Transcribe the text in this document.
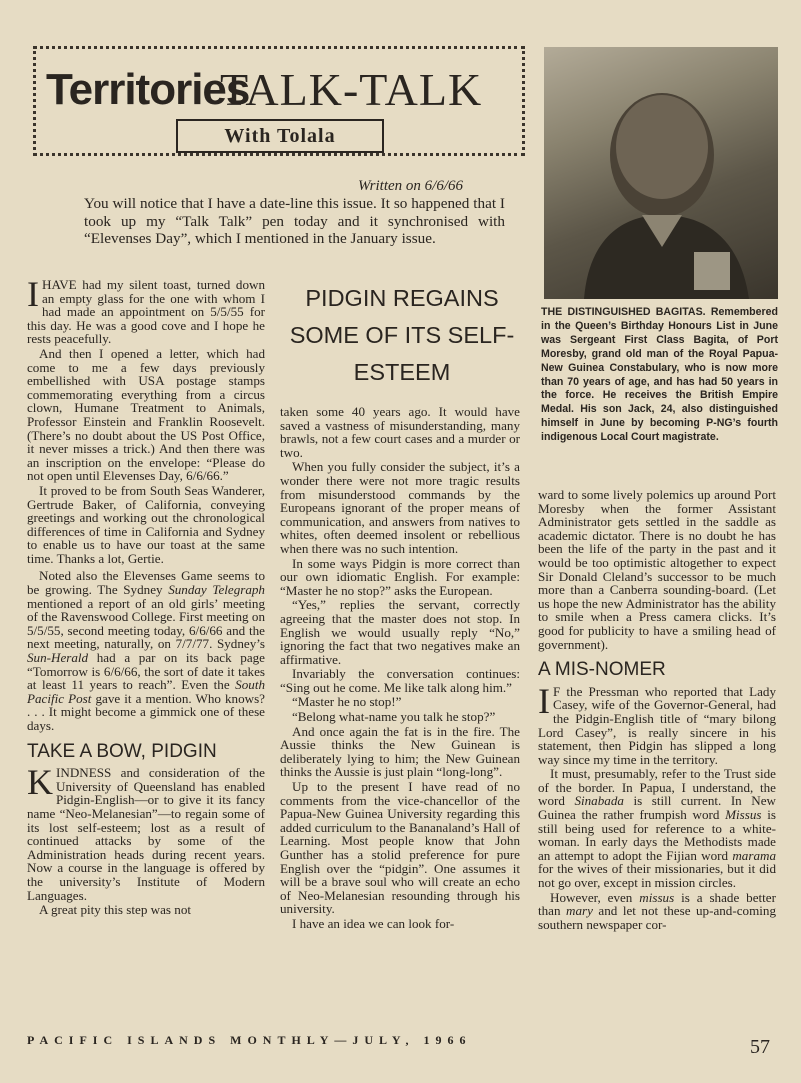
Territories
TALK-TALK
With Tolala
Written on 6/6/66
You will notice that I have a date-line this issue. It so happened that I took up my “Talk Talk” pen today and it synchronised with “Elevenses Day”, which I mentioned in the January issue.
THE DISTINGUISHED BAGITAS. Remembered in the Queen’s Birthday Honours List in June was Sergeant First Class Bagita, of Port Moresby, grand old man of the Royal Papua-New Guinea Constabulary, who is now more than 70 years of age, and has had 50 years in the force. He receives the British Empire Medal. His son Jack, 24, also distinguished himself in June by becoming P-NG’s fourth indigenous Local Court magistrate.

IHAVE had my silent toast, turned down an empty glass for the one with whom I had made an appointment on 5/5/55 for this day. He was a good cove and I hope he rests peacefully.

And then I opened a letter, which had come to me a few days previously embellished with USA postage stamps commemorating everything from a circus clown, Humane Treatment to Animals, Professor Einstein and Franklin Roosevelt. (There’s no doubt about the US Post Office, it never misses a trick.) And then there was an inscription on the envelope: “Please do not open until Elevenses Day, 6/6/66.”

It proved to be from South Seas Wanderer, Gertrude Baker, of California, conveying greetings and working out the chronological differences of time in California and Sydney to enable us to have our toast at the same time. Thanks a lot, Gertie.

Noted also the Elevenses Game seems to be growing. The Sydney Sunday Telegraph mentioned a report of an old girls’ meeting of the Ravenswood College. First meeting on 5/5/55, second meeting today, 6/6/66 and the next meeting, naturally, on 7/7/77. Sydney’s Sun-Herald had a par on its back page “Tomorrow is 6/6/66, the sort of date it takes at least 11 years to reach”. Even the South Pacific Post gave it a mention. Who knows? . . . It might become a gimmick one of these days.

TAKE A BOW, PIDGIN

KINDNESS and consideration of the University of Queensland has enabled Pidgin-English—or to give it its fancy name “Neo-Melanesian”—to regain some of its lost self-esteem; lost as a result of continued attacks by some of the Administration heads during recent years. Now a course in the language is offered by the university’s Institute of Modern Languages.

A great pity this step was not

PIDGIN REGAINS SOME OF ITS SELF-ESTEEM

taken some 40 years ago. It would have saved a vastness of misunderstanding, many brawls, not a few court cases and a murder or two.

When you fully consider the subject, it’s a wonder there were not more tragic results from misunderstood commands by the Europeans ignorant of the proper means of communication, and answers from natives to whites, often deemed insolent or rebellious when there was no such intention.

In some ways Pidgin is more correct than our own idiomatic English. For example: “Master he no stop?” asks the European.

“Yes,” replies the servant, correctly agreeing that the master does not stop. In English we would usually reply “No,” ignoring the fact that two negatives make an affirmative.

Invariably the conversation continues: “Sing out he come. Me like talk along him.”

“Master he no stop!”

“Belong what-name you talk he stop?”

And once again the fat is in the fire. The Aussie thinks the New Guinean is deliberately lying to him; the New Guinean thinks the Aussie is just plain “long-long”.

Up to the present I have read of no comments from the vice-chancellor of the Papua-New Guinea University regarding this added curriculum to the Bananaland’s Hall of Learning. Most people know that John Gunther has a stolid preference for pure English over the “pidgin”. One assumes it will be a brave soul who will create an echo of Neo-Melanesian resounding through his university.

I have an idea we can look for-

ward to some lively polemics up around Port Moresby when the former Assistant Administrator gets settled in the saddle as academic dictator. There is no doubt he has been the life of the party in the past and it would be too optimistic altogether to expect Sir Donald Cleland’s successor to be much more than a Canberra sounding-board. (Let us hope the new Administrator has the ability to smile when a Press camera clicks. It’s good for publicity to have a smiling head of government).

A MIS-NOMER

I F the Pressman who reported that Lady Casey, wife of the Governor-General, had the Pidgin-English title of “mary bilong Lord Casey”, is really sincere in his statement, then Pidgin has slipped a long way since my time in the territory.

It must, presumably, refer to the Trust side of the border. In Papua, I understand, the word Sinabada is still current. In New Guinea the rather frumpish word Missus is still being used for reference to a white-woman. In early days the Methodists made an attempt to adopt the Fijian word marama for the wives of their missionaries, but it did not go over, except in mission circles.

However, even missus is a shade better than mary and let not these up-and-coming southern newspaper cor-

PACIFIC ISLANDS MONTHLY—JULY, 1966	57
